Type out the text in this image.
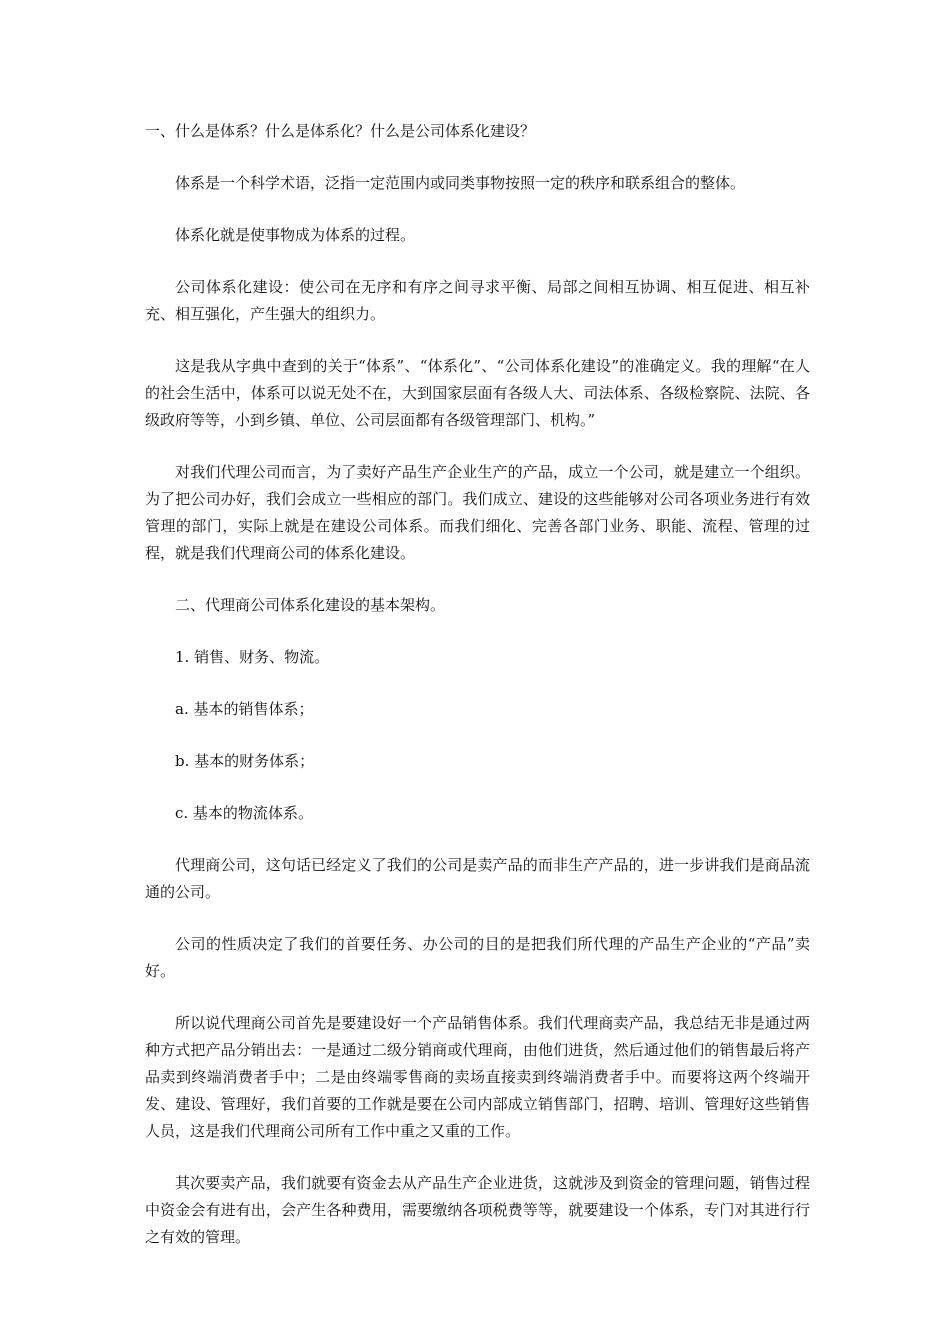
一、什么是体系？什么是体系化？什么是公司体系化建设？

体系是一个科学术语，泛指一定范围内或同类事物按照一定的秩序和联系组合的整体。

体系化就是使事物成为体系的过程。

公司体系化建设：使公司在无序和有序之间寻求平衡、局部之间相互协调、相互促进、相互补充、相互强化，产生强大的组织力。

这是我从字典中查到的关于“体系”、“体系化”、“公司体系化建设”的准确定义。我的理解“在人的社会生活中，体系可以说无处不在，大到国家层面有各级人大、司法体系、各级检察院、法院、各级政府等等，小到乡镇、单位、公司层面都有各级管理部门、机构。”

对我们代理公司而言，为了卖好产品生产企业生产的产品，成立一个公司，就是建立一个组织。为了把公司办好，我们会成立一些相应的部门。我们成立、建设的这些能够对公司各项业务进行有效管理的部门，实际上就是在建设公司体系。而我们细化、完善各部门业务、职能、流程、管理的过程，就是我们代理商公司的体系化建设。

二、代理商公司体系化建设的基本架构。

1. 销售、财务、物流。

a. 基本的销售体系；

b. 基本的财务体系；

c. 基本的物流体系。

代理商公司，这句话已经定义了我们的公司是卖产品的而非生产产品的，进一步讲我们是商品流通的公司。

公司的性质决定了我们的首要任务、办公司的目的是把我们所代理的产品生产企业的“产品”卖好。

所以说代理商公司首先是要建设好一个产品销售体系。我们代理商卖产品，我总结无非是通过两种方式把产品分销出去：一是通过二级分销商或代理商，由他们进货，然后通过他们的销售最后将产品卖到终端消费者手中；二是由终端零售商的卖场直接卖到终端消费者手中。而要将这两个终端开发、建设、管理好，我们首要的工作就是要在公司内部成立销售部门，招聘、培训、管理好这些销售人员，这是我们代理商公司所有工作中重之又重的工作。

其次要卖产品，我们就要有资金去从产品生产企业进货，这就涉及到资金的管理问题，销售过程中资金会有进有出，会产生各种费用，需要缴纳各项税费等等，就要建设一个体系，专门对其进行行之有效的管理。
